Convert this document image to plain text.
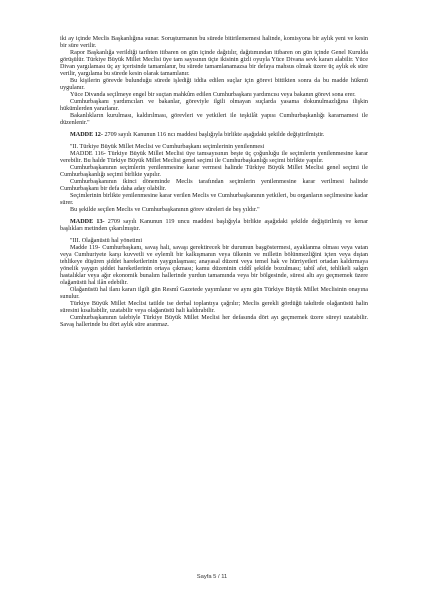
iki ay içinde Meclis Başkanlığına sunar. Soruşturmanın bu sürede bitirilememesi halinde, komisyona bir aylık yeni ve kesin bir süre verilir.

Rapor Başkanlığa verildiği tarihten itibaren on gün içinde dağıtılır, dağıtımından itibaren on gün içinde Genel Kurulda görüşülür. Türkiye Büyük Millet Meclisi üye tam sayısının üçte ikisinin gizli oyuyla Yüce Divana sevk kararı alabilir. Yüce Divan yargılaması üç ay içerisinde tamamlanır, bu sürede tamamlanamazsa bir defaya mahsus olmak üzere üç aylık ek süre verilir, yargılama bu sürede kesin olarak tamamlanır.

Bu kişilerin görevde bulunduğu sürede işlediği iddia edilen suçlar için görevi bittikten sonra da bu madde hükmü uygulanır.

Yüce Divanda seçilmeye engel bir suçtan mahkûm edilen Cumhurbaşkanı yardımcısı veya bakanın görevi sona erer.

Cumhurbaşkanı yardımcıları ve bakanlar, göreviyle ilgili olmayan suçlarda yasama dokunulmazlığına ilişkin hükümlerden yararlanır.

Bakanlıkların kurulması, kaldırılması, görevleri ve yetkileri ile teşkilât yapısı Cumhurbaşkanlığı kararnamesi ile düzenlenir."

MADDE 12- 2709 sayılı Kanunun 116 ncı maddesi başlığıyla birlikte aşağıdaki şekilde değiştirilmiştir.

"II. Türkiye Büyük Millet Meclisi ve Cumhurbaşkanı seçimlerinin yenilenmesi

MADDE 116- Türkiye Büyük Millet Meclisi üye tamsayısının beşte üç çoğunluğu ile seçimlerin yenilenmesine karar verebilir. Bu halde Türkiye Büyük Millet Meclisi genel seçimi ile Cumhurbaşkanlığı seçimi birlikte yapılır.

Cumhurbaşkanının seçimlerin yenilenmesine karar vermesi halinde Türkiye Büyük Millet Meclisi genel seçimi ile Cumhurbaşkanlığı seçimi birlikte yapılır.

Cumhurbaşkanının ikinci döneminde Meclis tarafından seçimlerin yenilenmesine karar verilmesi halinde Cumhurbaşkanı bir defa daha aday olabilir.

Seçimlerinin birlikte yenilenmesine karar verilen Meclis ve Cumhurbaşkanının yetkileri, bu organların seçilmesine kadar sürer.

Bu şekilde seçilen Meclis ve Cumhurbaşkanının görev süreleri de beş yıldır."

MADDE 13- 2709 sayılı Kanunun 119 uncu maddesi başlığıyla birlikte aşağıdaki şekilde değiştirilmiş ve kenar başlıkları metinden çıkarılmıştır.

"III. Olağanüstü hal yönetimi

Madde 119- Cumhurbaşkanı, savaş hali, savaşı gerektirecek bir durumun başgöstermesi, ayaklanma olması veya vatan veya Cumhuriyete karşı kuvvetli ve eylemli bir kalkışmanın veya ülkenin ve milletin bölünmezliğini içten veya dıştan tehlikeye düşüren şiddet hareketlerinin yaygınlaşması; anayasal düzeni veya temel hak ve hürriyetleri ortadan kaldırmaya yönelik yaygın şiddet hareketlerinin ortaya çıkması; kamu düzeninin ciddî şekilde bozulması; tabiî afet, tehlikeli salgın hastalıklar veya ağır ekonomik bunalım hallerinde yurdun tamamında veya bir bölgesinde, süresi altı ayı geçmemek üzere olağanüstü hal ilân edebilir.

Olağanüstü hal ilanı kararı ilgili gün Resmî Gazetede yayımlanır ve aynı gün Türkiye Büyük Millet Meclisinin onayına sunulur.

Türkiye Büyük Millet Meclisi tatilde ise derhal toplantıya çağrılır; Meclis gerekli gördüğü takdirde olağanüstü halin süresini kısaltabilir, uzatabilir veya olağanüstü hali kaldırabilir.

Cumhurbaşkanının talebiyle Türkiye Büyük Millet Meclisi her defasında dört ayı geçmemek üzere süreyi uzatabilir. Savaş hallerinde bu dört aylık süre aranmaz.

Sayfa 5 / 11
